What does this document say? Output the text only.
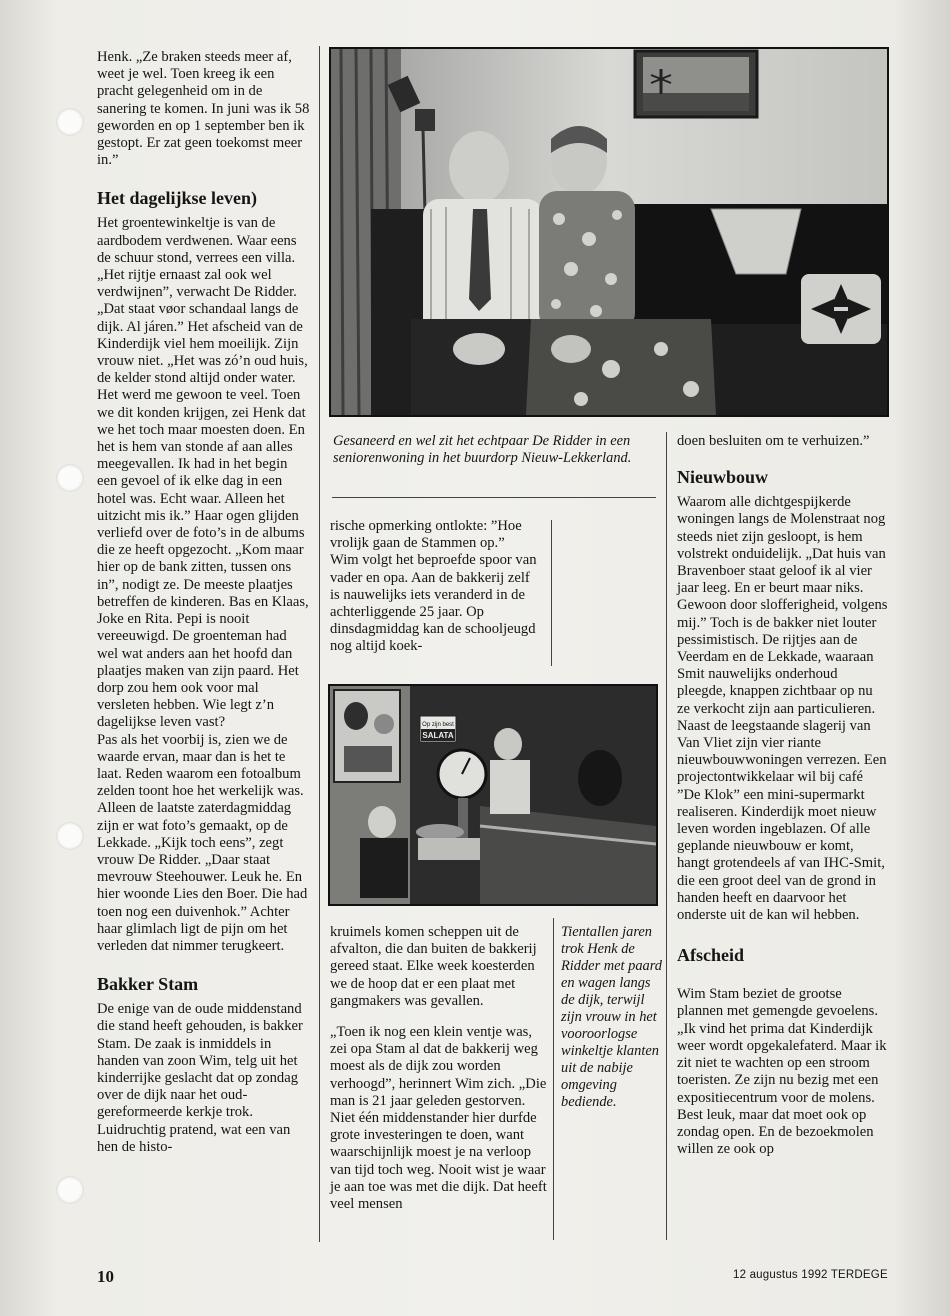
Henk. „Ze braken steeds meer af, weet je wel. Toen kreeg ik een pracht gelegenheid om in de sanering te komen. In juni was ik 58 geworden en op 1 september ben ik gestopt. Er zat geen toekomst meer in.”

Het dagelijkse leven)

Het groentewinkeltje is van de aardbodem verdwenen. Waar eens de schuur stond, verrees een villa. „Het rijtje ernaast zal ook wel verdwijnen”, verwacht De Ridder. „Dat staat vøor schandaal langs de dijk. Al járen.” Het afscheid van de Kinderdijk viel hem moeilijk. Zijn vrouw niet. „Het was zó’n oud huis, de kelder stond altijd onder water. Het werd me gewoon te veel. Toen we dit konden krijgen, zei Henk dat we het toch maar moesten doen. En het is hem van stonde af aan alles meegevallen. Ik had in het begin een gevoel of ik elke dag in een hotel was. Echt waar. Alleen het uitzicht mis ik.” Haar ogen glijden verliefd over de foto’s in de albums die ze heeft opgezocht. „Kom maar hier op de bank zitten, tussen ons in”, nodigt ze. De meeste plaatjes betreffen de kinderen. Bas en Klaas, Joke en Rita. Pepi is nooit vereeuwigd. De groenteman had wel wat anders aan het hoofd dan plaatjes maken van zijn paard. Het dorp zou hem ook voor mal versleten hebben. Wie legt z’n dagelijkse leven vast?

Pas als het voorbij is, zien we de waarde ervan, maar dan is het te laat. Reden waarom een fotoalbum zelden toont hoe het werkelijk was. Alleen de laatste zaterdagmiddag zijn er wat foto’s gemaakt, op de Lekkade. „Kijk toch eens”, zegt vrouw De Ridder. „Daar staat mevrouw Steehouwer. Leuk he. En hier woonde Lies den Boer. Die had toen nog een duivenhok.” Achter haar glimlach ligt de pijn om het verleden dat nimmer terugkeert.

Bakker Stam

De enige van de oude middenstand die stand heeft gehouden, is bakker Stam. De zaak is inmiddels in handen van zoon Wim, telg uit het kinderrijke geslacht dat op zondag over de dijk naar het oud-gereformeerde kerkje trok. Luidruchtig pratend, wat een van hen de histo-

Gesaneerd en wel zit het echtpaar De Ridder in een seniorenwoning in het buurdorp Nieuw-Lekkerland.

rische opmerking ontlokte: ”Hoe vrolijk gaan de Stammen op.”

Wim volgt het beproefde spoor van vader en opa. Aan de bakkerij zelf is nauwelijks iets veranderd in de achterliggende 25 jaar. Op dinsdagmiddag kan de schooljeugd nog altijd koek-

Op zijn best
SALATA

kruimels komen scheppen uit de afvalton, die dan buiten de bakkerij gereed staat. Elke week koesterden we de hoop dat er een plaat met gangmakers was gevallen.

„Toen ik nog een klein ventje was, zei opa Stam al dat de bakkerij weg moest als de dijk zou worden verhoogd”, herinnert Wim zich. „Die man is 21 jaar geleden gestorven. Niet één middenstander hier durfde grote investeringen te doen, want waarschijnlijk moest je na verloop van tijd toch weg. Nooit wist je waar je aan toe was met die dijk. Dat heeft veel mensen

Tientallen jaren trok Henk de Ridder met paard en wagen langs de dijk, terwijl zijn vrouw in het vooroorlogse winkeltje klanten uit de nabije omgeving bediende.

doen besluiten om te verhuizen.”

Nieuwbouw

Waarom alle dichtgespijkerde woningen langs de Molenstraat nog steeds niet zijn gesloopt, is hem volstrekt onduidelijk. „Dat huis van Bravenboer staat geloof ik al vier jaar leeg. En er beurt maar niks. Gewoon door slofferigheid, volgens mij.” Toch is de bakker niet louter pessimistisch. De rijtjes aan de Veerdam en de Lekkade, waaraan Smit nauwelijks onderhoud pleegde, knappen zichtbaar op nu ze verkocht zijn aan particulieren. Naast de leegstaande slagerij van Van Vliet zijn vier riante nieuwbouwwoningen verrezen. Een projectontwikkelaar wil bij café ”De Klok” een mini-supermarkt realiseren. Kinderdijk moet nieuw leven worden ingeblazen. Of alle geplande nieuwbouw er komt, hangt grotendeels af van IHC-Smit, die een groot deel van de grond in handen heeft en daarvoor het onderste uit de kan wil hebben.

Afscheid

Wim Stam beziet de grootse plannen met gemengde gevoelens. „Ik vind het prima dat Kinderdijk weer wordt opgekalefaterd. Maar ik zit niet te wachten op een stroom toeristen. Ze zijn nu bezig met een expositiecentrum voor de molens. Best leuk, maar dat moet ook op zondag open. En de bezoekmolen willen ze ook op

10	12 augustus 1992 TERDEGE
